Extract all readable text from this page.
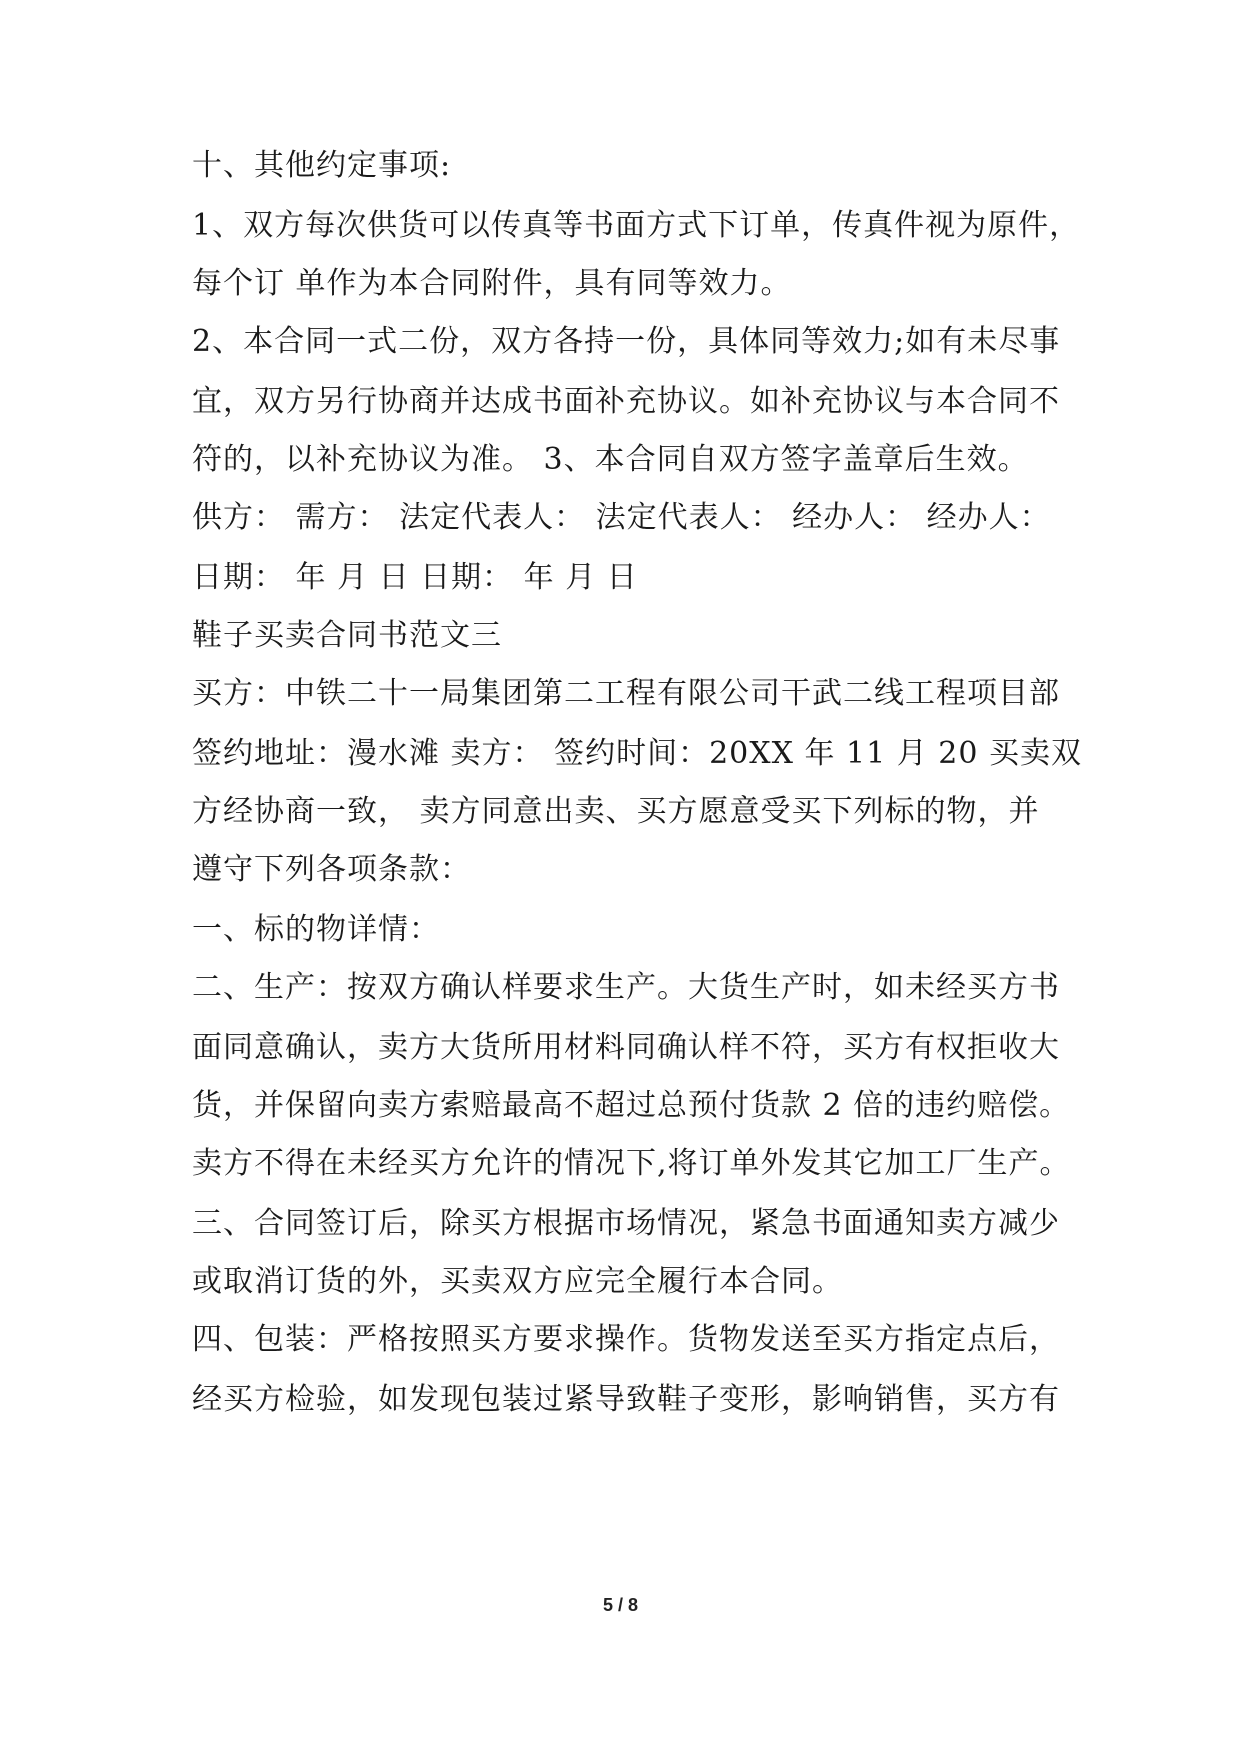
十、其他约定事项:
1、双方每次供货可以传真等书面方式下订单，传真件视为原件，
每个订 单作为本合同附件，具有同等效力。
2、本合同一式二份，双方各持一份，具体同等效力;如有未尽事
宜，双方另行协商并达成书面补充协议。如补充协议与本合同不
符的，以补充协议为准。 3、本合同自双方签字盖章后生效。
供方： 需方： 法定代表人： 法定代表人： 经办人： 经办人：
日期： 年 月 日 日期： 年 月 日
鞋子买卖合同书范文三
买方：中铁二十一局集团第二工程有限公司干武二线工程项目部
签约地址：漫水滩 卖方： 签约时间：20XX 年 11 月 20 买卖双
方经协商一致， 卖方同意出卖、买方愿意受买下列标的物，并
遵守下列各项条款：
一、标的物详情：
二、生产：按双方确认样要求生产。大货生产时，如未经买方书
面同意确认，卖方大货所用材料同确认样不符，买方有权拒收大
货，并保留向卖方索赔最高不超过总预付货款 2 倍的违约赔偿。
卖方不得在未经买方允许的情况下,将订单外发其它加工厂生产。
三、合同签订后，除买方根据市场情况，紧急书面通知卖方减少
或取消订货的外，买卖双方应完全履行本合同。
四、包装：严格按照买方要求操作。货物发送至买方指定点后，
经买方检验，如发现包装过紧导致鞋子变形，影响销售，买方有
5 / 8
